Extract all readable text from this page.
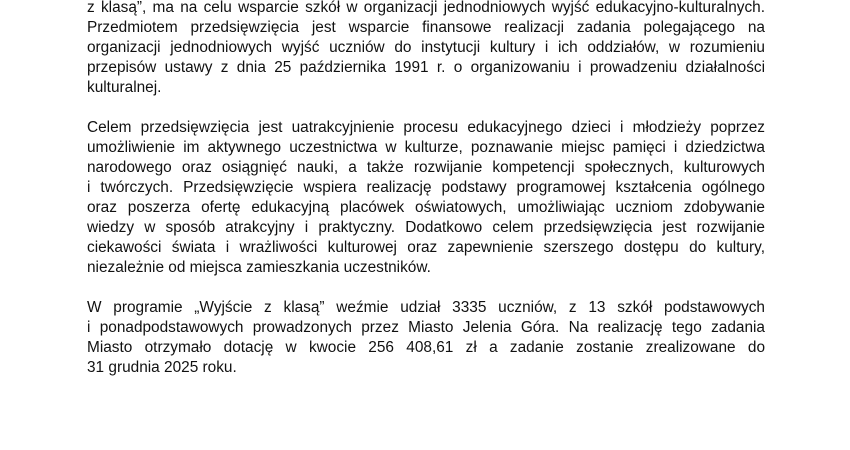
z klasą”, ma na celu wsparcie szkół w organizacji jednodniowych wyjść edukacyjno-kulturalnych.
Przedmiotem przedsięwzięcia jest wsparcie finansowe realizacji zadania polegającego na
organizacji jednodniowych wyjść uczniów do instytucji kultury i ich oddziałów, w rozumieniu
przepisów ustawy z dnia 25 października 1991 r. o organizowaniu i prowadzeniu działalności
kulturalnej.

Celem przedsięwzięcia jest uatrakcyjnienie procesu edukacyjnego dzieci i młodzieży poprzez
umożliwienie im aktywnego uczestnictwa w kulturze, poznawanie miejsc pamięci i dziedzictwa
narodowego oraz osiągnięć nauki, a także rozwijanie kompetencji społecznych, kulturowych
i twórczych. Przedsięwzięcie wspiera realizację podstawy programowej kształcenia ogólnego
oraz poszerza ofertę edukacyjną placówek oświatowych, umożliwiając uczniom zdobywanie
wiedzy w sposób atrakcyjny i praktyczny. Dodatkowo celem przedsięwzięcia jest rozwijanie
ciekawości świata i wrażliwości kulturowej oraz zapewnienie szerszego dostępu do kultury,
niezależnie od miejsca zamieszkania uczestników.

W programie „Wyjście z klasą” weźmie udział 3335 uczniów, z 13 szkół podstawowych
i ponadpodstawowych prowadzonych przez Miasto Jelenia Góra. Na realizację tego zadania
Miasto otrzymało dotację w kwocie 256 408,61 zł a zadanie zostanie zrealizowane do
31 grudnia 2025 roku.
